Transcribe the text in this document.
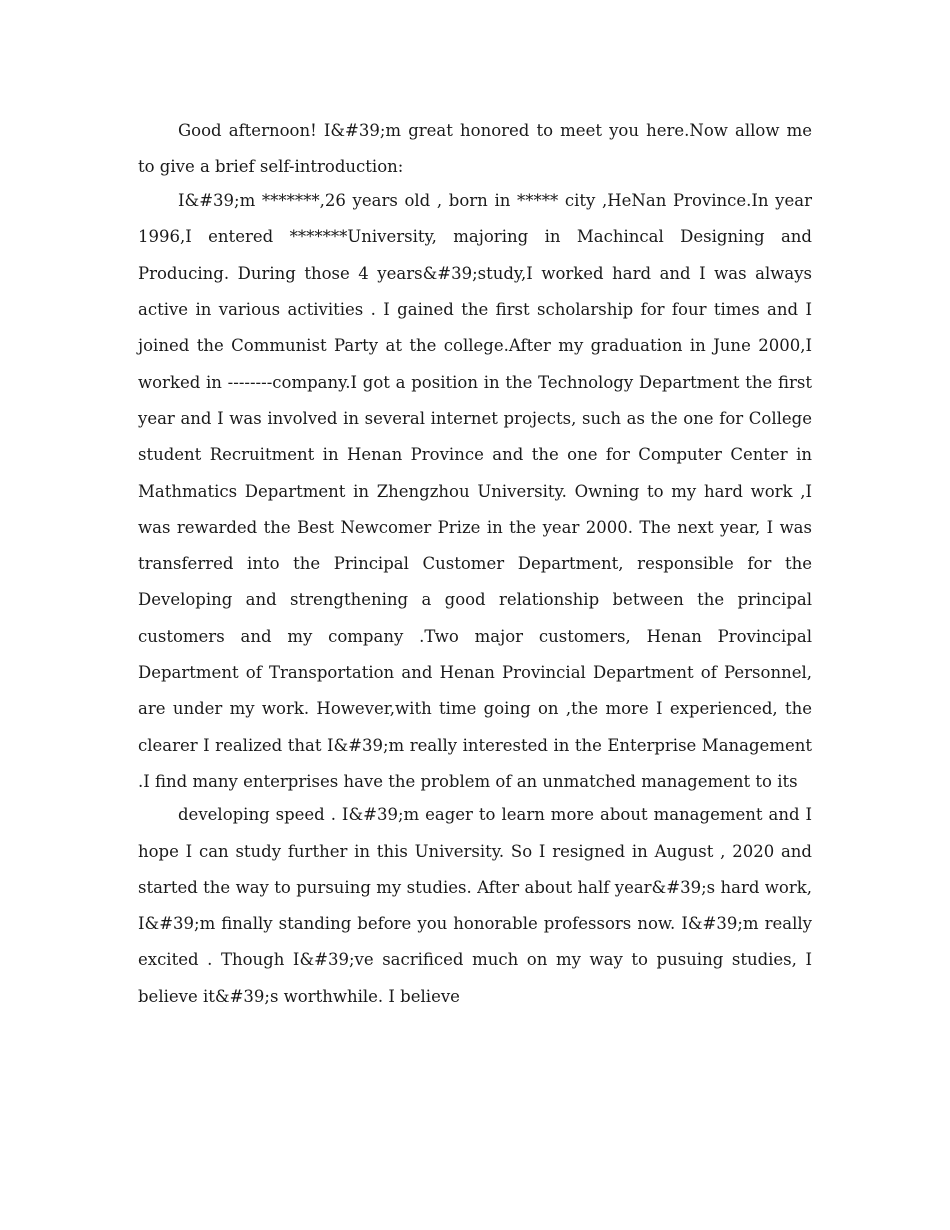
Good afternoon! I&#39;m great honored to meet you here.Now allow me to give a brief self-introduction:

I&#39;m *******,26 years old , born in ***** city ,HeNan Province.In year 1996,I entered *******University, majoring in Machincal Designing and Producing. During those 4 years&#39;study,I worked hard and I was always active in various activities . I gained the first scholarship for four times and I joined the Communist Party at the college.After my graduation in June 2000,I worked in --------company.I got a position in the Technology Department the first year and I was involved in several internet projects, such as the one for College student Recruitment in Henan Province and the one for Computer Center in Mathmatics Department in Zhengzhou University. Owning to my hard work ,I was rewarded the Best Newcomer Prize in the year 2000. The next year, I was transferred into the Principal Customer Department, responsible for the Developing and strengthening a good relationship between the principal customers and my company .Two major customers, Henan Provincipal Department of Transportation and Henan Provincial Department of Personnel, are under my work. However,with time going on ,the more I experienced, the clearer I realized that I&#39;m really interested in the Enterprise Management .I find many enterprises have the problem of an unmatched management to its

developing speed . I&#39;m eager to learn more about management and I hope I can study further in this University. So I resigned in August , 2020 and started the way to pursuing my studies. After about half year&#39;s hard work, I&#39;m finally standing before you honorable professors now. I&#39;m really excited . Though I&#39;ve sacrificed much on my way to pusuing studies, I believe it&#39;s worthwhile. I believe
